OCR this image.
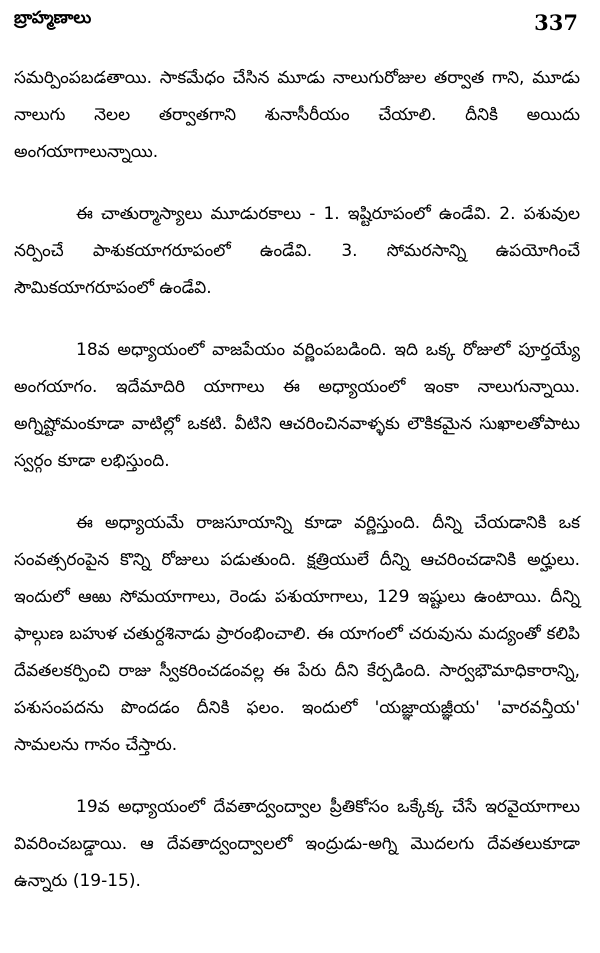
బ్రాహ్మణాలు	337

సమర్పింపబడతాయి. సాకమేధం చేసిన మూడు నాలుగురోజుల తర్వాత గాని, మూడు నాలుగు నెలల తర్వాతగాని శునాసీరీయం చేయాలి. దీనికి అయిదు అంగయాగాలున్నాయి.

ఈ చాతుర్మాస్యాలు మూడురకాలు - 1. ఇష్టిరూపంలో ఉండేవి. 2. పశువుల నర్పించే పాశుకయాగరూపంలో ఉండేవి. 3. సోమరసాన్ని ఉపయోగించే సౌమికయాగరూపంలో ఉండేవి.

18వ అధ్యాయంలో వాజపేయం వర్ణింపబడింది. ఇది ఒక్క రోజులో పూర్తయ్యే అంగయాగం. ఇదేమాదిరి యాగాలు ఈ అధ్యాయంలో ఇంకా నాలుగున్నాయి. అగ్నిష్టోమంకూడా వాటిల్లో ఒకటి. వీటిని ఆచరించినవాళ్ళకు లౌకికమైన సుఖాలతోపాటు స్వర్గం కూడా లభిస్తుంది.

ఈ అధ్యాయమే రాజసూయాన్ని కూడా వర్ణిస్తుంది. దీన్ని చేయడానికి ఒక సంవత్సరంపైన కొన్ని రోజులు పడుతుంది. క్షత్రియులే దీన్ని ఆచరించడానికి అర్హులు. ఇందులో ఆఱు సోమయాగాలు, రెండు పశుయాగాలు, 129 ఇష్టులు ఉంటాయి. దీన్ని ఫాల్గుణ బహుళ చతుర్దశినాడు ప్రారంభించాలి. ఈ యాగంలో చరువును మద్యంతో కలిపి దేవతలకర్పించి రాజు స్వీకరించడంవల్ల ఈ పేరు దీని కేర్పడింది. సార్వభౌమాధికారాన్ని, పశుసంపదను పొందడం దీనికి ఫలం. ఇందులో 'యజ్ఞాయజ్ఞీయ' 'వారవన్తీయ' సామలను గానం చేస్తారు.

19వ అధ్యాయంలో దేవతాద్వంద్వాల ప్రీతికోసం ఒక్కేక్క చేసే ఇరవైయాగాలు వివరించబడ్డాయి. ఆ దేవతాద్వంద్వాలలో ఇంద్రుడు-అగ్ని మొదలగు దేవతలుకూడా ఉన్నారు (19-15).
